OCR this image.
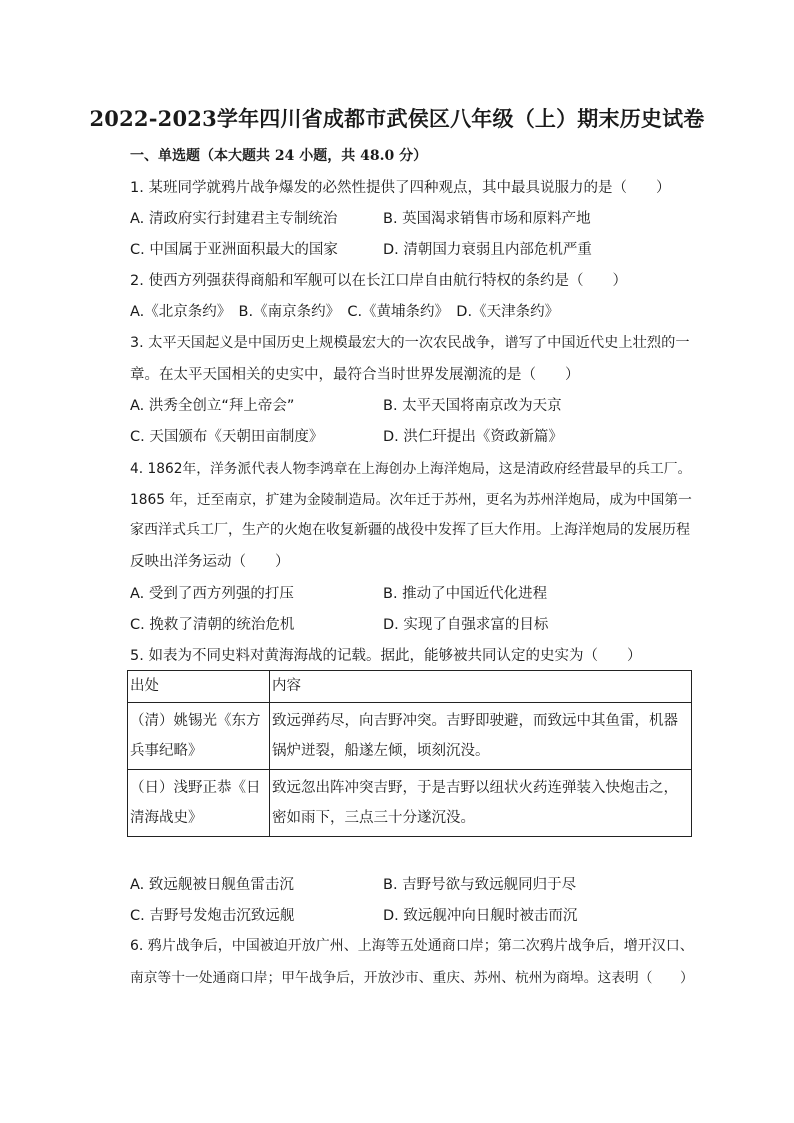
2022-2023学年四川省成都市武侯区八年级（上）期末历史试卷
一、单选题（本大题共 24 小题，共 48.0 分）
1. 某班同学就鸦片战争爆发的必然性提供了四种观点，其中最具说服力的是（　　）
A. 清政府实行封建君主专制统治	B. 英国渴求销售市场和原料产地
C. 中国属于亚洲面积最大的国家	D. 清朝国力衰弱且内部危机严重
2. 使西方列强获得商船和军舰可以在长江口岸自由航行特权的条约是（　　）
A.《北京条约》　B.《南京条约》　C.《黄埔条约》　D.《天津条约》
3. 太平天国起义是中国历史上规模最宏大的一次农民战争，谱写了中国近代史上壮烈的一
章。在太平天国相关的史实中，最符合当时世界发展潮流的是（　　）
A. 洪秀全创立“拜上帝会”	B. 太平天国将南京改为天京
C. 天国颁布《天朝田亩制度》	D. 洪仁玕提出《资政新篇》
4. 1862年，洋务派代表人物李鸿章在上海创办上海洋炮局，这是清政府经营最早的兵工厂。
1865 年，迁至南京，扩建为金陵制造局。次年迁于苏州，更名为苏州洋炮局，成为中国第一
家西洋式兵工厂，生产的火炮在收复新疆的战役中发挥了巨大作用。上海洋炮局的发展历程
反映出洋务运动（　　）
A. 受到了西方列强的打压	B. 推动了中国近代化进程
C. 挽救了清朝的统治危机	D. 实现了自强求富的目标
5. 如表为不同史料对黄海海战的记载。据此，能够被共同认定的史实为（　　）
出处	内容
（清）姚锡光《东方兵事纪略》	致远弹药尽，向吉野冲突。吉野即驶避，而致远中其鱼雷，机器锅炉迸裂，船遂左倾，顷刻沉没。
（日）浅野正恭《日清海战史》	致远忽出阵冲突吉野，于是吉野以纽状火药连弹装入快炮击之，密如雨下，三点三十分遂沉没。
A. 致远舰被日舰鱼雷击沉	B. 吉野号欲与致远舰同归于尽
C. 吉野号发炮击沉致远舰	D. 致远舰冲向日舰时被击而沉
6. 鸦片战争后，中国被迫开放广州、上海等五处通商口岸；第二次鸦片战争后，增开汉口、
南京等十一处通商口岸；甲午战争后，开放沙市、重庆、苏州、杭州为商埠。这表明（　　）
